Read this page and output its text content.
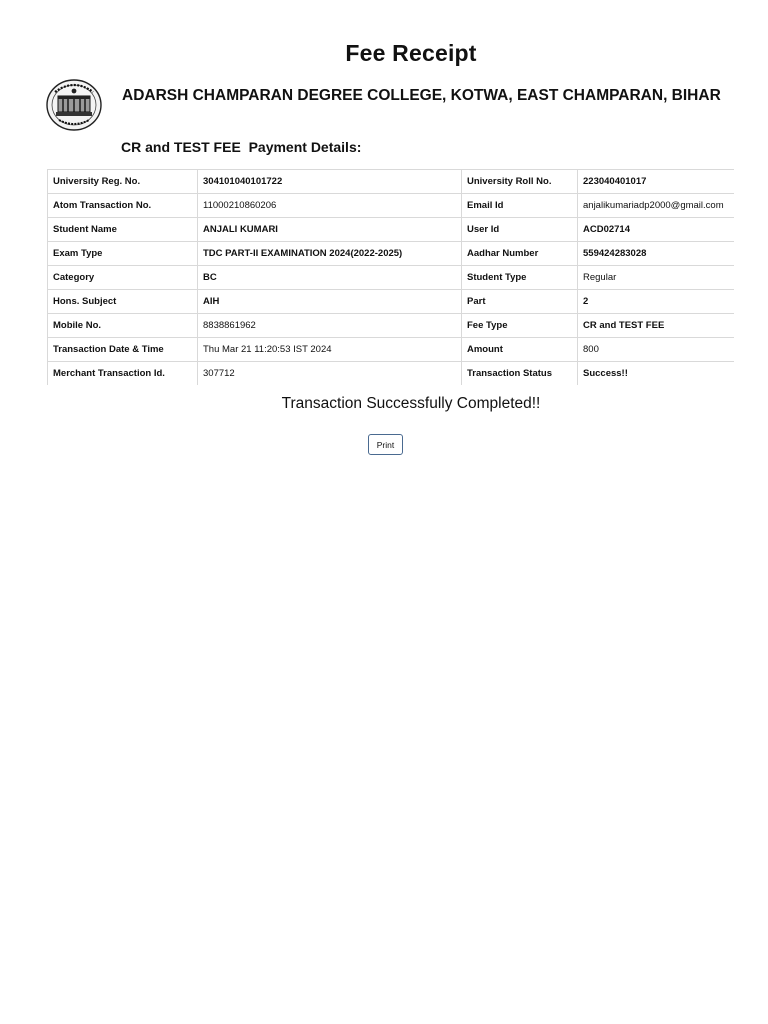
Fee Receipt
ADARSH CHAMPARAN DEGREE COLLEGE, KOTWA, EAST CHAMPARAN, BIHAR
CR and TEST FEE  Payment Details:
University Reg. No.	304101040101722	University Roll No.	223040401017
Atom Transaction No.	11000210860206	Email Id	anjalikumariadp2000@gmail.com
Student Name	ANJALI KUMARI	User Id	ACD02714
Exam Type	TDC PART-II EXAMINATION 2024(2022-2025)	Aadhar Number	559424283028
Category	BC	Student Type	Regular
Hons. Subject	AIH	Part	2
Mobile No.	8838861962	Fee Type	CR and TEST FEE
Transaction Date & Time	Thu Mar 21 11:20:53 IST 2024	Amount	800
Merchant Transaction Id.	307712	Transaction Status	Success!!
Transaction Successfully Completed!!
Print
